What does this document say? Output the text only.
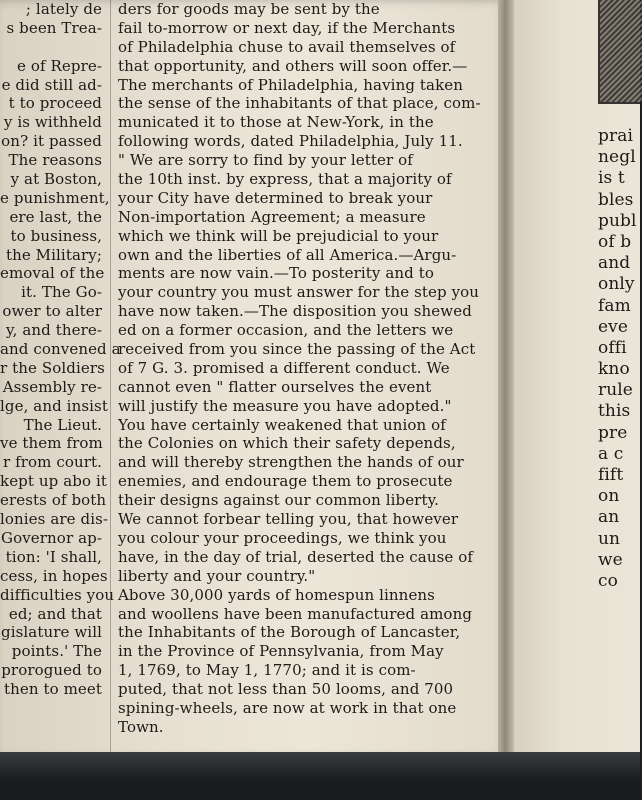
; lately de
s been Trea-
e of Repre-
e did still ad-
t to proceed
y is withheld
on? it passed
The reasons
y at Boston,
e punishment,
ere last, the
to business,
the Military;
emoval of the
it. The Go-
ower to alter
y, and there-
and convened a
r the Soldiers
Assembly re-
lge, and insist
The Lieut.
ve them from
r from court.
kept up abo it
erests of both
lonies are dis-
Governor ap-
tion: 'I shall,
cess, in hopes
difficulties you
ed; and that
gislature will
points.' The
prorogued to
then to meet
ders for goods may be sent by the
fail to-morrow or next day, if the Merchants
of Philadelphia chuse to avail themselves of
that opportunity, and others will soon offer.—
The merchants of Philadelphia, having taken
the sense of the inhabitants of that place, com-
municated it to those at New-York, in the
following words, dated Philadelphia, July 11.
" We are sorry to find by your letter of
the 10th inst. by express, that a majority of
your City have determined to break your
Non-importation Agreement; a measure
which we think will be prejudicial to your
own and the liberties of all America.—Argu-
ments are now vain.—To posterity and to
your country you must answer for the step you
have now taken.—The disposition you shewed
ed on a former occasion, and the letters we
received from you since the passing of the Act
of 7 G. 3. promised a different conduct. We
cannot even " flatter ourselves the event
will justify the measure you have adopted."
You have certainly weakened that union of
the Colonies on which their safety depends,
and will thereby strengthen the hands of our
enemies, and endourage them to prosecute
their designs against our common liberty.
We cannot forbear telling you, that however
you colour your proceedings, we think you
have, in the day of trial, deserted the cause of
liberty and your country."
Above 30,000 yards of homespun linnens
and woollens have been manufactured among
the Inhabitants of the Borough of Lancaster,
in the Province of Pennsylvania, from May
1, 1769, to May 1, 1770; and it is com-
puted, that not less than 50 looms, and 700
spining-wheels, are now at work in that one
Town.
prai
negl
is t
bles
publ
of b
and
only
fam
eve
offi
kno
rule
this
pre
a c
fift
on
an
un
we
co
